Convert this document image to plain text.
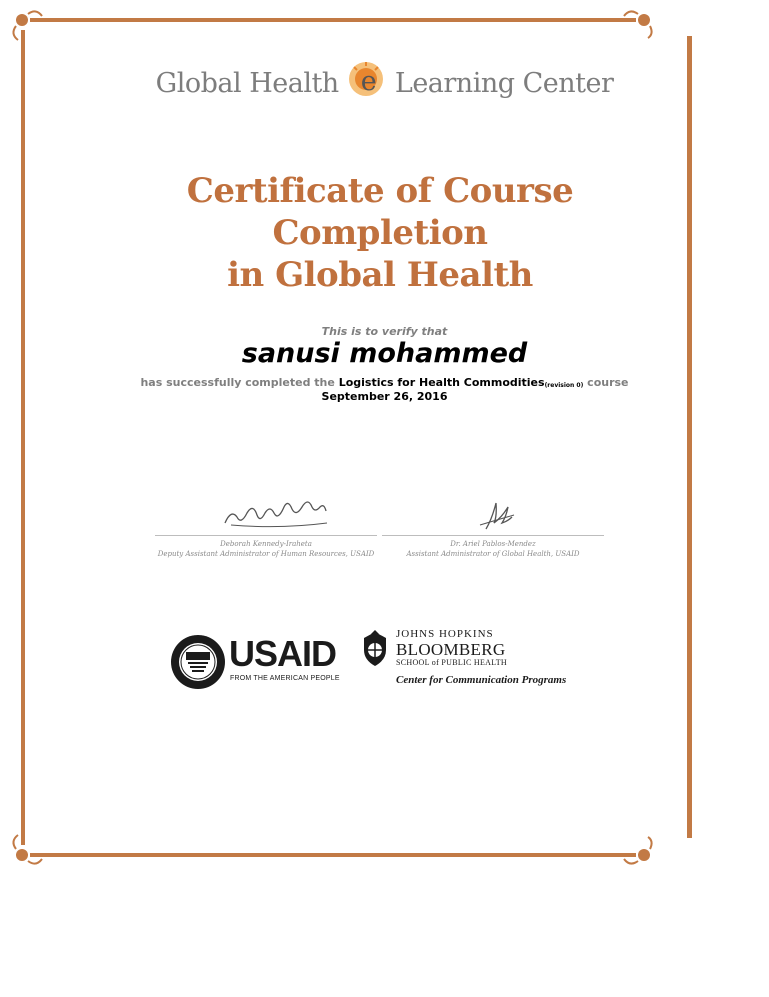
Global Health e Learning Center
Certificate of Course Completion
in Global Health
This is to verify that
sanusi mohammed
has successfully completed the Logistics for Health Commodities(revision 0) course
September 26, 2016
Deborah Kennedy-Iraheta
Deputy Assistant Administrator of Human Resources, USAID
Dr. Ariel Pablos-Mendez
Assistant Administrator of Global Health, USAID
USAID
FROM THE AMERICAN PEOPLE
JOHNS HOPKINS
BLOOMBERG
SCHOOL of PUBLIC HEALTH
Center for Communication Programs
